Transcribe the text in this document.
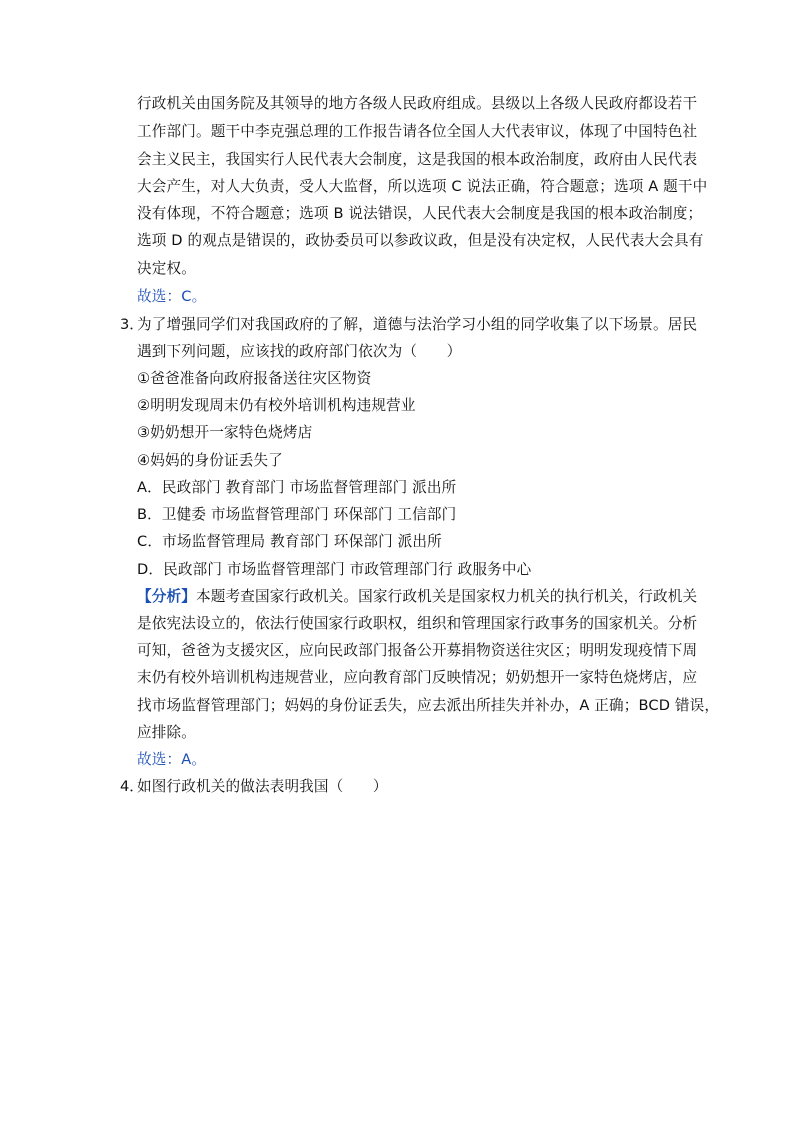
行政机关由国务院及其领导的地方各级人民政府组成。县级以上各级人民政府都设若干
工作部门。题干中李克强总理的工作报告请各位全国人大代表审议，体现了中国特色社
会主义民主，我国实行人民代表大会制度，这是我国的根本政治制度，政府由人民代表
大会产生，对人大负责，受人大监督，所以选项 C 说法正确，符合题意；选项 A 题干中
没有体现，不符合题意；选项 B 说法错误，人民代表大会制度是我国的根本政治制度；
选项 D 的观点是错误的，政协委员可以参政议政，但是没有决定权，人民代表大会具有
决定权。
故选：C。
3．
为了增强同学们对我国政府的了解，道德与法治学习小组的同学收集了以下场景。居民
遇到下列问题，应该找的政府部门依次为（　　）
①爸爸准备向政府报备送往灾区物资
②明明发现周末仍有校外培训机构违规营业
③奶奶想开一家特色烧烤店
④妈妈的身份证丢失了
A．民政部门 教育部门 市场监督管理部门 派出所
B．卫健委 市场监督管理部门 环保部门 工信部门
C．市场监督管理局 教育部门 环保部门 派出所
D．民政部门 市场监督管理部门 市政管理部门行 政服务中心
【分析】本题考查国家行政机关。国家行政机关是国家权力机关的执行机关，行政机关
是依宪法设立的，依法行使国家行政职权，组织和管理国家行政事务的国家机关。分析
可知，爸爸为支援灾区，应向民政部门报备公开募捐物资送往灾区；明明发现疫情下周
末仍有校外培训机构违规营业，应向教育部门反映情况；奶奶想开一家特色烧烤店，应
找市场监督管理部门；妈妈的身份证丢失，应去派出所挂失并补办，A 正确；BCD 错误，
应排除。
故选：A。
4．
如图行政机关的做法表明我国（　　）
